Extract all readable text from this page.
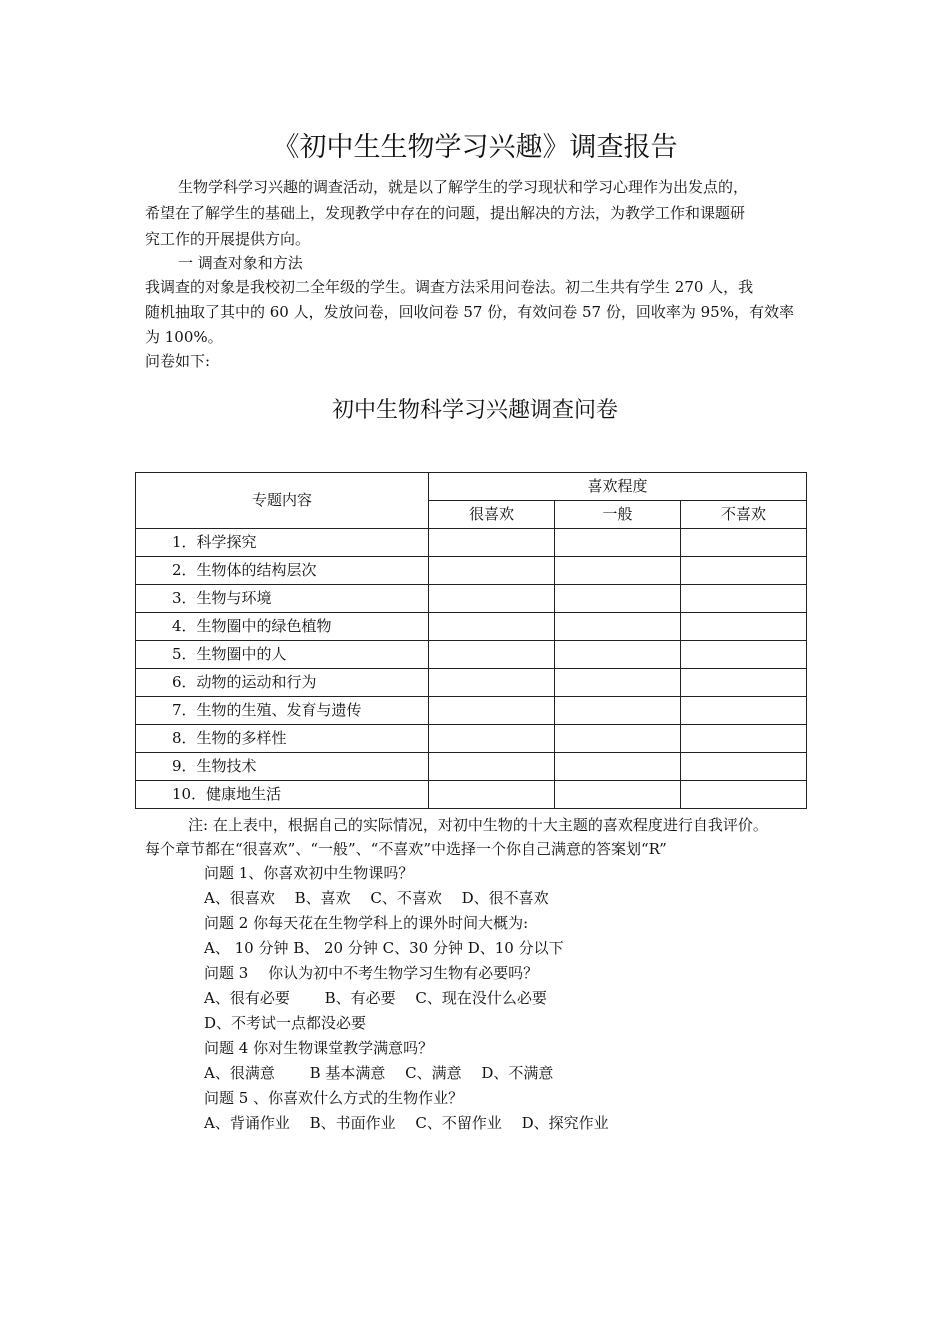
《初中生生物学习兴趣》调查报告
生物学科学习兴趣的调查活动，就是以了解学生的学习现状和学习心理作为出发点的，
希望在了解学生的基础上，发现教学中存在的问题，提出解决的方法，为教学工作和课题研
究工作的开展提供方向。
一 调查对象和方法
我调查的对象是我校初二全年级的学生。调查方法采用问卷法。初二生共有学生 270 人，我
随机抽取了其中的 60 人，发放问卷，回收问卷 57 份，有效问卷 57 份，回收率为 95%，有效率
为 100%。
问卷如下:
初中生物科学习兴趣调查问卷
专题内容	喜欢程度		
	很喜欢	一般	不喜欢
1．科学探究			
2．生物体的结构层次			
3．生物与环境			
4．生物圈中的绿色植物			
5．生物圈中的人			
6．动物的运动和行为			
7．生物的生殖、发育与遗传			
8．生物的多样性			
9．生物技术			
10．健康地生活			
注: 在上表中，根据自己的实际情况，对初中生物的十大主题的喜欢程度进行自我评价。
每个章节都在“很喜欢”、“一般”、“不喜欢”中选择一个你自己满意的答案划“R”
问题 1、你喜欢初中生物课吗？
A、很喜欢　 B、喜欢　 C、不喜欢　 D、很不喜欢
问题 2 你每天花在生物学科上的课外时间大概为:
A、 10 分钟 B、 20 分钟 C、30 分钟 D、10 分以下
问题 3　 你认为初中不考生物学习生物有必要吗？
A、很有必要　　 B、有必要　 C、现在没什么必要
D、不考试一点都没必要
问题 4 你对生物课堂教学满意吗？
A、很满意　　 B 基本满意　 C、满意　 D、不满意
问题 5 、你喜欢什么方式的生物作业？
A、背诵作业　 B、书面作业　 C、不留作业　 D、探究作业
